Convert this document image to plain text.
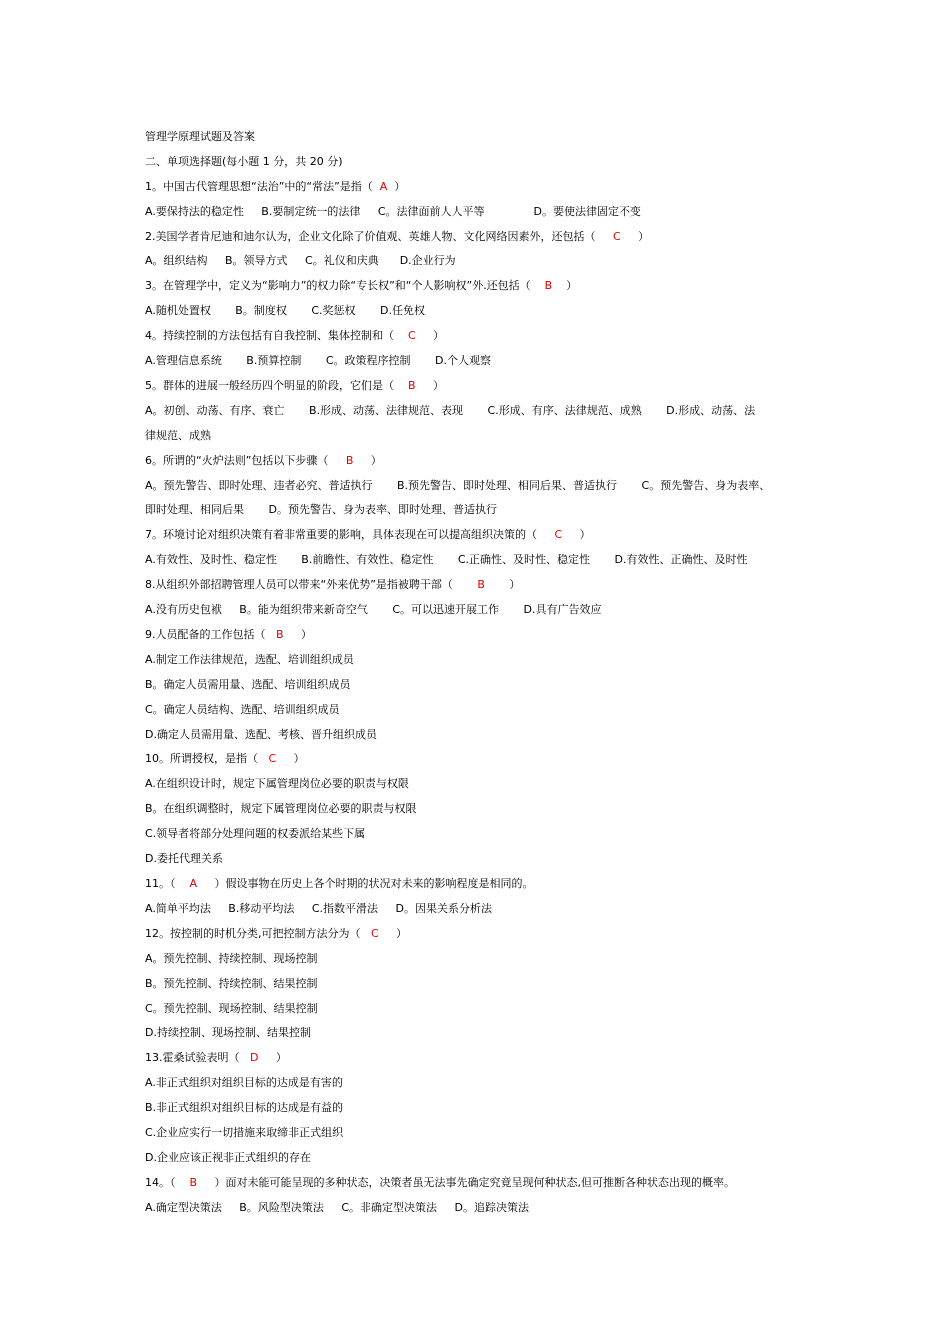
管理学原理试题及答案
二、单项选择题(每小题 1 分，共 20 分)
1。中国古代管理思想“法治”中的“常法”是指（  A  ）
A.要保持法的稳定性     B.要制定统一的法律     C。法律面前人人平等              D。要使法律固定不变
2.美国学者肯尼迪和迪尔认为，企业文化除了价值观、英雄人物、文化网络因素外，还包括（     C     ）
A。组织结构     B。领导方式     C。礼仪和庆典      D.企业行为
3。在管理学中，定义为“影响力”的权力除“专长权”和“个人影响权”外.还包括（    B    ）
A.随机处置权       B。制度权       C.奖惩权       D.任免权
4。持续控制的方法包括有自我控制、集体控制和（    C     ）
A.管理信息系统       B.预算控制       C。政策程序控制       D.个人观察
5。群体的进展一般经历四个明显的阶段，它们是（    B     ）
A。初创、动荡、有序、衰亡       B.形成、动荡、法律规范、表现       C.形成、有序、法律规范、成熟       D.形成、动荡、法
律规范、成熟
6。所谓的“火炉法则”包括以下步骤（     B     ）
A。预先警告、即时处理、违者必究、普适执行       B.预先警告、即时处理、相同后果、普适执行       C。预先警告、身为表率、
即时处理、相同后果       D。预先警告、身为表率、即时处理、普适执行
7。环境讨论对组织决策有着非常重要的影响，具体表现在可以提高组织决策的（     C     ）
A.有效性、及时性、稳定性       B.前瞻性、有效性、稳定性       C.正确性、及时性、稳定性       D.有效性、正确性、及时性
8.从组织外部招聘管理人员可以带来“外来优势”是指被聘干部（       B       ）
A.没有历史包袱     B。能为组织带来新奇空气       C。可以迅速开展工作       D.具有广告效应
9.人员配备的工作包括（   B     ）
A.制定工作法律规范，选配、培训组织成员
B。确定人员需用量、选配、培训组织成员
C。确定人员结构、选配、培训组织成员
D.确定人员需用量、选配、考核、晋升组织成员
10。所谓授权，是指（   C     ）
A.在组织设计时，规定下属管理岗位必要的职责与权限
B。在组织调整时，规定下属管理岗位必要的职责与权限
C.领导者将部分处理问题的权委派给某些下属
D.委托代理关系
11。（    A     ）假设事物在历史上各个时期的状况对未来的影响程度是相同的。
A.简单平均法     B.移动平均法     C.指数平滑法     D。因果关系分析法
12。按控制的时机分类,可把控制方法分为（   C     ）
A。预先控制、持续控制、现场控制
B。预先控制、持续控制、结果控制
C。预先控制、现场控制、结果控制
D.持续控制、现场控制、结果控制
13.霍桑试验表明（   D     ）
A.非正式组织对组织目标的达成是有害的
B.非正式组织对组织目标的达成是有益的
C.企业应实行一切措施来取缔非正式组织
D.企业应该正视非正式组织的存在
14。（    B     ）面对未能可能呈现的多种状态，决策者虽无法事先确定究竟呈现何种状态,但可推断各种状态出现的概率。
A.确定型决策法     B。风险型决策法     C。非确定型决策法     D。追踪决策法
